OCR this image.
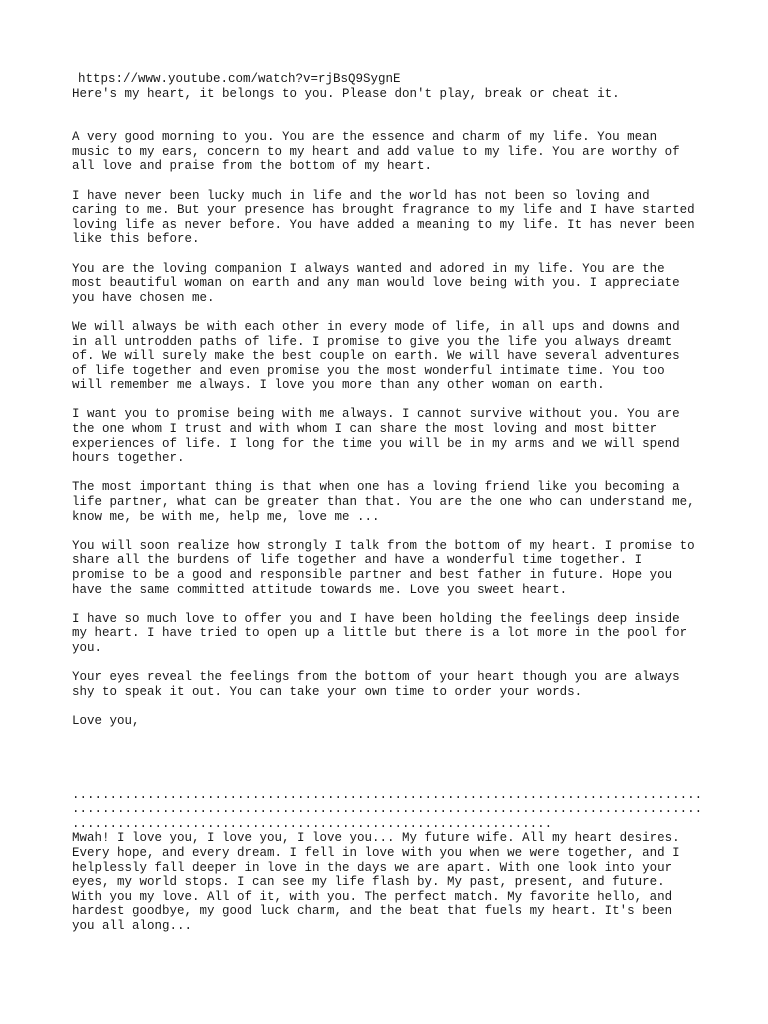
https://www.youtube.com/watch?v=rjBsQ9SygnE
Here's my heart, it belongs to you. Please don't play, break or cheat it.
A very good morning to you. You are the essence and charm of my life. You mean
music to my ears, concern to my heart and add value to my life. You are worthy of
all love and praise from the bottom of my heart.
I have never been lucky much in life and the world has not been so loving and
caring to me. But your presence has brought fragrance to my life and I have started
loving life as never before. You have added a meaning to my life. It has never been
like this before.
You are the loving companion I always wanted and adored in my life. You are the
most beautiful woman on earth and any man would love being with you. I appreciate
you have chosen me.
We will always be with each other in every mode of life, in all ups and downs and
in all untrodden paths of life. I promise to give you the life you always dreamt
of. We will surely make the best couple on earth. We will have several adventures
of life together and even promise you the most wonderful intimate time. You too
will remember me always. I love you more than any other woman on earth.
I want you to promise being with me always. I cannot survive without you. You are
the one whom I trust and with whom I can share the most loving and most bitter
experiences of life. I long for the time you will be in my arms and we will spend
hours together.
The most important thing is that when one has a loving friend like you becoming a
life partner, what can be greater than that. You are the one who can understand me,
know me, be with me, help me, love me ...
You will soon realize how strongly I talk from the bottom of my heart. I promise to
share all the burdens of life together and have a wonderful time together. I
promise to be a good and responsible partner and best father in future. Hope you
have the same committed attitude towards me. Love you sweet heart.
I have so much love to offer you and I have been holding the feelings deep inside
my heart. I have tried to open up a little but there is a lot more in the pool for
you.
Your eyes reveal the feelings from the bottom of your heart though you are always
shy to speak it out. You can take your own time to order your words.
Love you,
....................................................................................
....................................................................................
................................................................
Mwah! I love you, I love you, I love you... My future wife. All my heart desires.
Every hope, and every dream. I fell in love with you when we were together, and I
helplessly fall deeper in love in the days we are apart. With one look into your
eyes, my world stops. I can see my life flash by. My past, present, and future.
With you my love. All of it, with you. The perfect match. My favorite hello, and
hardest goodbye, my good luck charm, and the beat that fuels my heart. It's been
you all along...
